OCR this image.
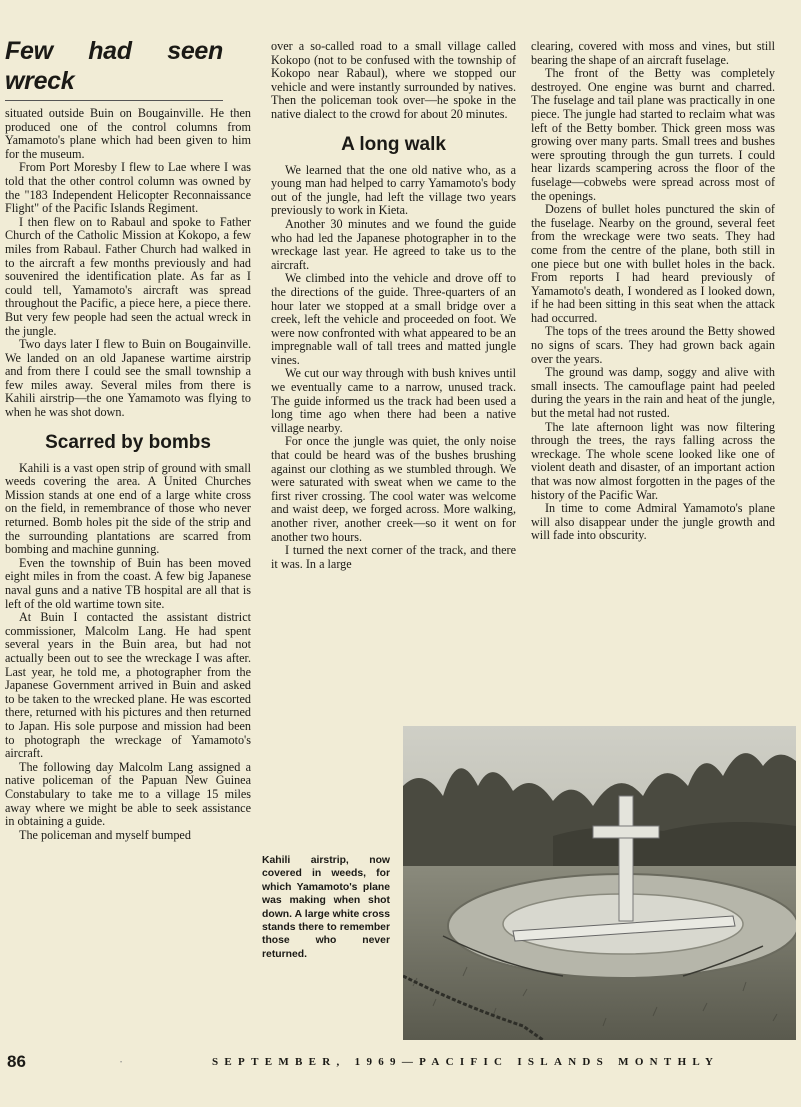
Few had seen wreck

situated outside Buin on Bougainville. He then produced one of the control columns from Yamamoto's plane which had been given to him for the museum.

From Port Moresby I flew to Lae where I was told that the other control column was owned by the "183 Independent Helicopter Reconnaissance Flight" of the Pacific Islands Regiment.

I then flew on to Rabaul and spoke to Father Church of the Catholic Mission at Kokopo, a few miles from Rabaul. Father Church had walked in to the aircraft a few months previously and had souvenired the identification plate. As far as I could tell, Yamamoto's aircraft was spread throughout the Pacific, a piece here, a piece there. But very few people had seen the actual wreck in the jungle.

Two days later I flew to Buin on Bougainville. We landed on an old Japanese wartime airstrip and from there I could see the small township a few miles away. Several miles from there is Kahili airstrip—the one Yamamoto was flying to when he was shot down.

Scarred by bombs

Kahili is a vast open strip of ground with small weeds covering the area. A United Churches Mission stands at one end of a large white cross on the field, in remembrance of those who never returned. Bomb holes pit the side of the strip and the surrounding plantations are scarred from bombing and machine gunning.

Even the township of Buin has been moved eight miles in from the coast. A few big Japanese naval guns and a native TB hospital are all that is left of the old wartime town site.

At Buin I contacted the assistant district commissioner, Malcolm Lang. He had spent several years in the Buin area, but had not actually been out to see the wreckage I was after. Last year, he told me, a photographer from the Japanese Government arrived in Buin and asked to be taken to the wrecked plane. He was escorted there, returned with his pictures and then returned to Japan. His sole purpose and mission had been to photograph the wreckage of Yamamoto's aircraft.

The following day Malcolm Lang assigned a native policeman of the Papuan New Guinea Constabulary to take me to a village 15 miles away where we might be able to seek assistance in obtaining a guide.

The policeman and myself bumped

over a so-called road to a small village called Kokopo (not to be confused with the township of Kokopo near Rabaul), where we stopped our vehicle and were instantly surrounded by natives. Then the policeman took over—he spoke in the native dialect to the crowd for about 20 minutes.

A long walk

We learned that the one old native who, as a young man had helped to carry Yamamoto's body out of the jungle, had left the village two years previously to work in Kieta.

Another 30 minutes and we found the guide who had led the Japanese photographer in to the wreckage last year. He agreed to take us to the aircraft.

We climbed into the vehicle and drove off to the directions of the guide. Three-quarters of an hour later we stopped at a small bridge over a creek, left the vehicle and proceeded on foot. We were now confronted with what appeared to be an impregnable wall of tall trees and matted jungle vines.

We cut our way through with bush knives until we eventually came to a narrow, unused track. The guide informed us the track had been used a long time ago when there had been a native village nearby.

For once the jungle was quiet, the only noise that could be heard was of the bushes brushing against our clothing as we stumbled through. We were saturated with sweat when we came to the first river crossing. The cool water was welcome and waist deep, we forged across. More walking, another river, another creek—so it went on for another two hours.

I turned the next corner of the track, and there it was. In a large

clearing, covered with moss and vines, but still bearing the shape of an aircraft fuselage.

The front of the Betty was completely destroyed. One engine was burnt and charred. The fuselage and tail plane was practically in one piece. The jungle had started to reclaim what was left of the Betty bomber. Thick green moss was growing over many parts. Small trees and bushes were sprouting through the gun turrets. I could hear lizards scampering across the floor of the fuselage—cobwebs were spread across most of the openings.

Dozens of bullet holes punctured the skin of the fuselage. Nearby on the ground, several feet from the wreckage were two seats. They had come from the centre of the plane, both still in one piece but one with bullet holes in the back. From reports I had heard previously of Yamamoto's death, I wondered as I looked down, if he had been sitting in this seat when the attack had occurred.

The tops of the trees around the Betty showed no signs of scars. They had grown back again over the years.

The ground was damp, soggy and alive with small insects. The camouflage paint had peeled during the years in the rain and heat of the jungle, but the metal had not rusted.

The late afternoon light was now filtering through the trees, the rays falling across the wreckage. The whole scene looked like one of violent death and disaster, of an important action that was now almost forgotten in the pages of the history of the Pacific War.

In time to come Admiral Yamamoto's plane will also disappear under the jungle growth and will fade into obscurity.

Kahili airstrip, now covered in weeds, for which Yamamoto's plane was making when shot down. A large white cross stands there to remember those who never returned.
86	•	SEPTEMBER, 1969—PACIFIC ISLANDS MONTHLY
